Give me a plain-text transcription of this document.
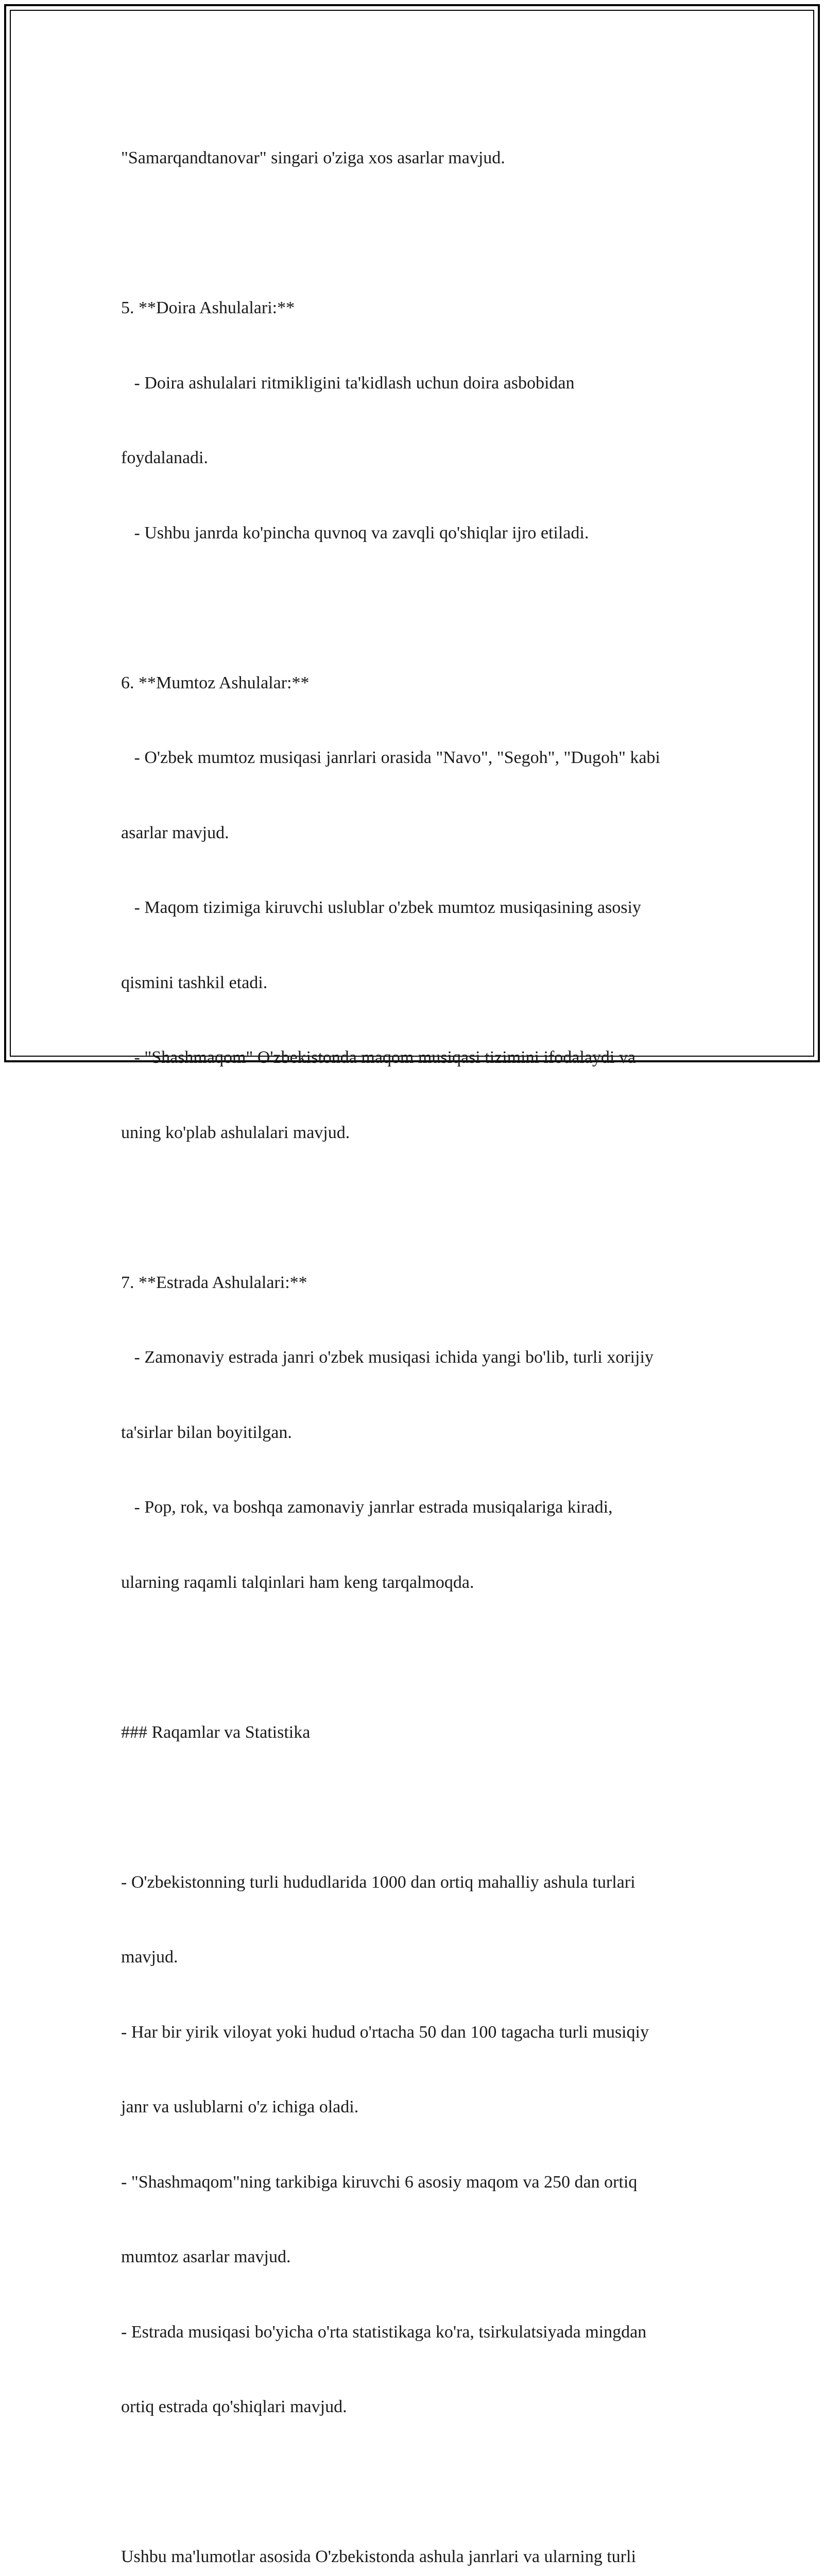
"Samarqandtanovar" singari o'ziga xos asarlar mavjud.

5. **Doira Ashulalari:**

- Doira ashulalari ritmikligini ta'kidlash uchun doira asbobidan

foydalanadi.

- Ushbu janrda ko'pincha quvnoq va zavqli qo'shiqlar ijro etiladi.

6. **Mumtoz Ashulalar:**

- O'zbek mumtoz musiqasi janrlari orasida "Navo", "Segoh", "Dugoh" kabi

asarlar mavjud.

- Maqom tizimiga kiruvchi uslublar o'zbek mumtoz musiqasining asosiy

qismini tashkil etadi.

- "Shashmaqom" O'zbekistonda maqom musiqasi tizimini ifodalaydi va

uning ko'plab ashulalari mavjud.

7. **Estrada Ashulalari:**

- Zamonaviy estrada janri o'zbek musiqasi ichida yangi bo'lib, turli xorijiy

ta'sirlar bilan boyitilgan.

- Pop, rok, va boshqa zamonaviy janrlar estrada musiqalariga kiradi,

ularning raqamli talqinlari ham keng tarqalmoqda.

### Raqamlar va Statistika

- O'zbekistonning turli hududlarida 1000 dan ortiq mahalliy ashula turlari

mavjud.

- Har bir yirik viloyat yoki hudud o'rtacha 50 dan 100 tagacha turli musiqiy

janr va uslublarni o'z ichiga oladi.

- "Shashmaqom"ning tarkibiga kiruvchi 6 asosiy maqom va 250 dan ortiq

mumtoz asarlar mavjud.

- Estrada musiqasi bo'yicha o'rta statistikaga ko'ra, tsirkulatsiyada mingdan

ortiq estrada qo'shiqlari mavjud.

Ushbu ma'lumotlar asosida O'zbekistonda ashula janrlari va ularning turli
